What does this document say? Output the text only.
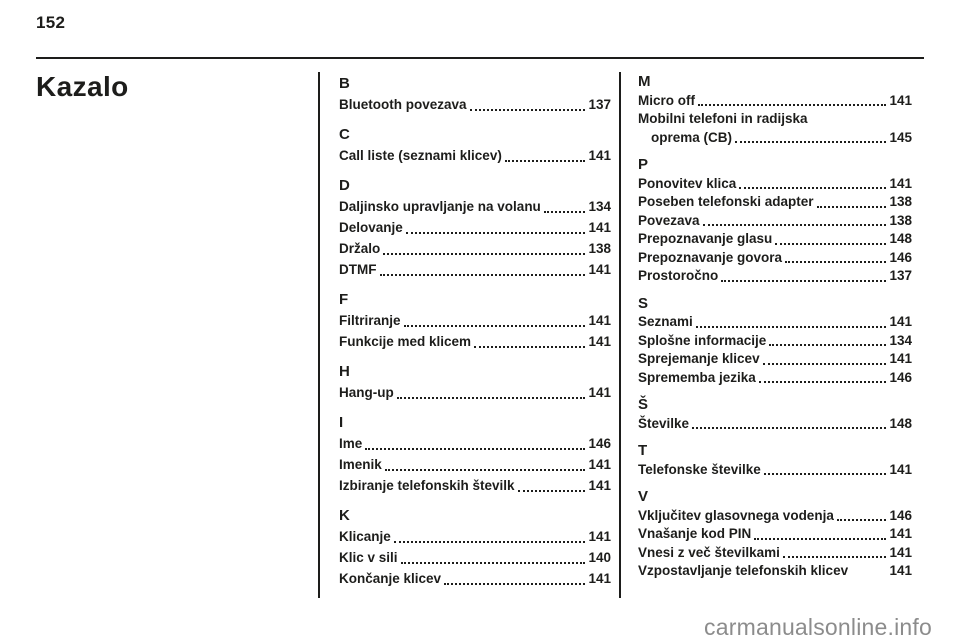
152
Kazalo	B
Bluetooth povezava	137
C
Call liste (seznami klicev)	141
D
Daljinsko upravljanje na volanu	134
Delovanje	141
Držalo	138
DTMF	141
F
Filtriranje	141
Funkcije med klicem	141
H
Hang-up	141
I
Ime	146
Imenik	141
Izbiranje telefonskih številk	141
K
Klicanje	141
Klic v sili	140
Končanje klicev	141
M
Micro off	141
Mobilni telefoni in radijska
oprema (CB)	145
P
Ponovitev klica	141
Poseben telefonski adapter	138
Povezava	138
Prepoznavanje glasu	148
Prepoznavanje govora	146
Prostoročno	137
S
Seznami	141
Splošne informacije	134
Sprejemanje klicev	141
Sprememba jezika	146
Š
Številke	148
T
Telefonske številke	141
V
Vključitev glasovnega vodenja	146
Vnašanje kod PIN	141
Vnesi z več številkami	141
Vzpostavljanje telefonskih klicev	141
carmanualsonline.info
